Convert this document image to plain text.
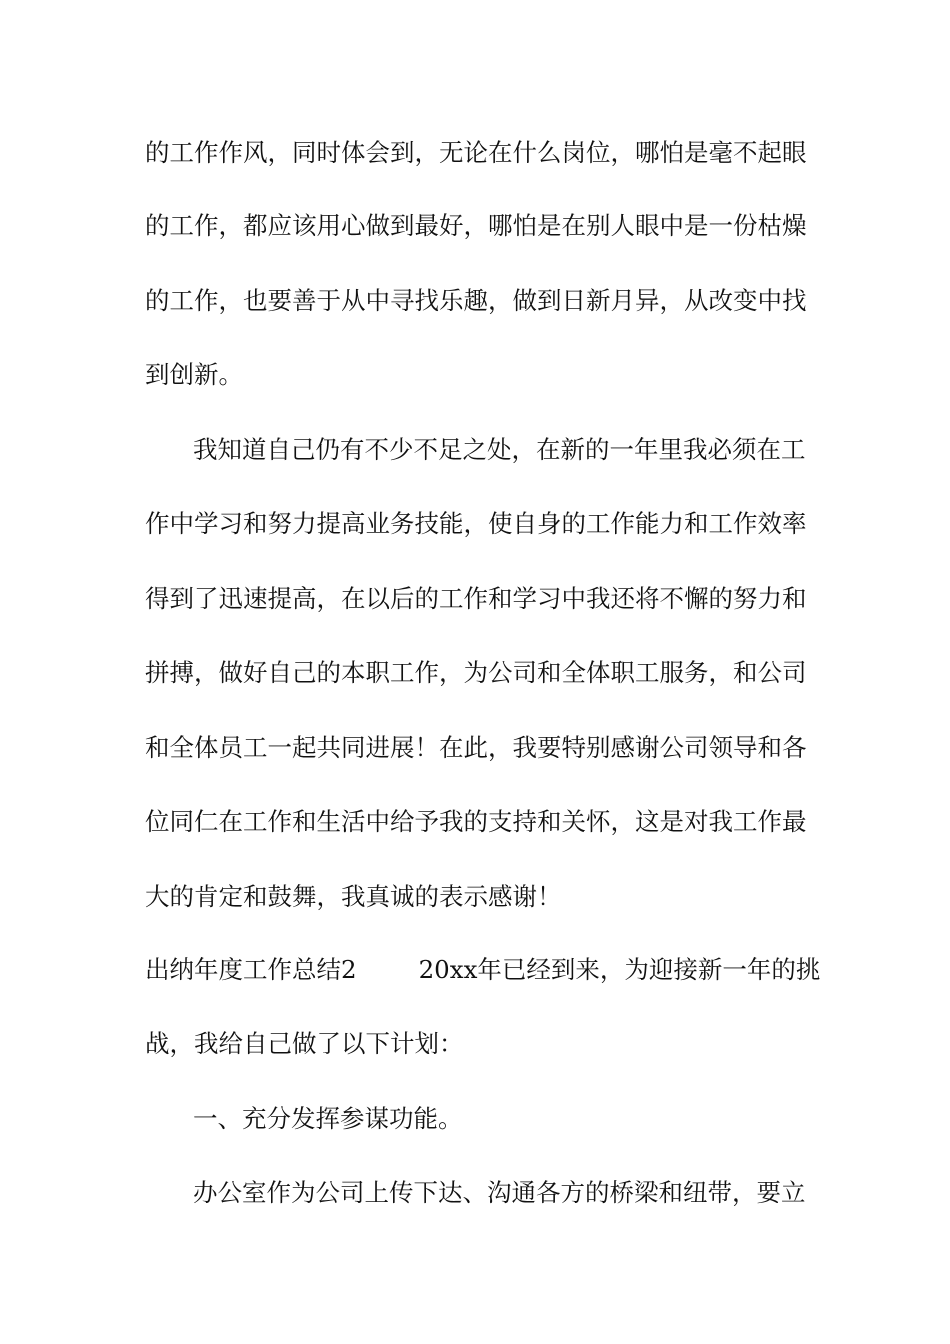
的工作作风，同时体会到，无论在什么岗位，哪怕是毫不起眼
的工作，都应该用心做到最好，哪怕是在别人眼中是一份枯燥
的工作，也要善于从中寻找乐趣，做到日新月异，从改变中找
到创新。
我知道自己仍有不少不足之处，在新的一年里我必须在工
作中学习和努力提高业务技能，使自身的工作能力和工作效率
得到了迅速提高，在以后的工作和学习中我还将不懈的努力和
拼搏，做好自己的本职工作，为公司和全体职工服务，和公司
和全体员工一起共同进展！在此，我要特别感谢公司领导和各
位同仁在工作和生活中给予我的支持和关怀，这是对我工作最
大的肯定和鼓舞，我真诚的表示感谢！
出纳年度工作总结2	20xx年已经到来，为迎接新一年的挑
战，我给自己做了以下计划：
一、充分发挥参谋功能。
办公室作为公司上传下达、沟通各方的桥梁和纽带，要立
